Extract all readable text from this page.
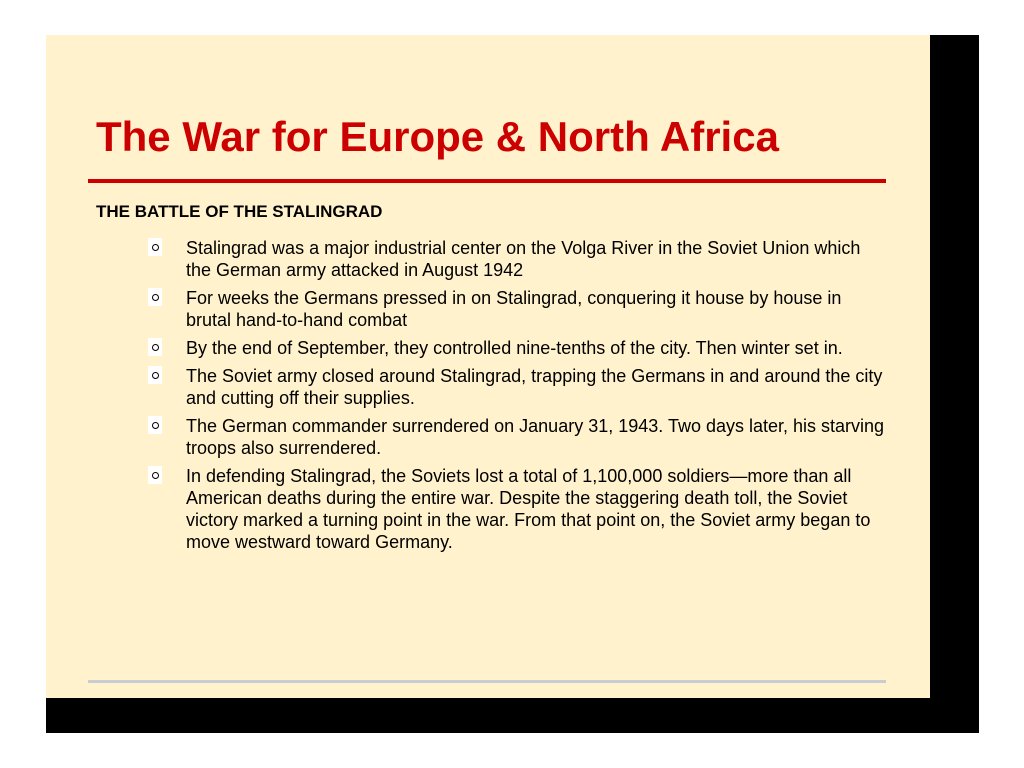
The War for Europe & North Africa
THE BATTLE OF THE STALINGRAD
Stalingrad was a major industrial center on the Volga River in the Soviet Union which the German army attacked in August 1942
For weeks the Germans pressed in on Stalingrad, conquering it house by house in brutal hand-to-hand combat
By the end of September, they controlled nine-tenths of the city. Then winter set in.
The Soviet army closed around Stalingrad, trapping the Germans in and around the city and cutting off their supplies.
The German commander surrendered on January 31, 1943. Two days later, his starving troops also surrendered.
In defending Stalingrad, the Soviets lost a total of 1,100,000 soldiers—more than all American deaths during the entire war. Despite the staggering death toll, the Soviet victory marked a turning point in the war. From that point on, the Soviet army began to move westward toward Germany.
